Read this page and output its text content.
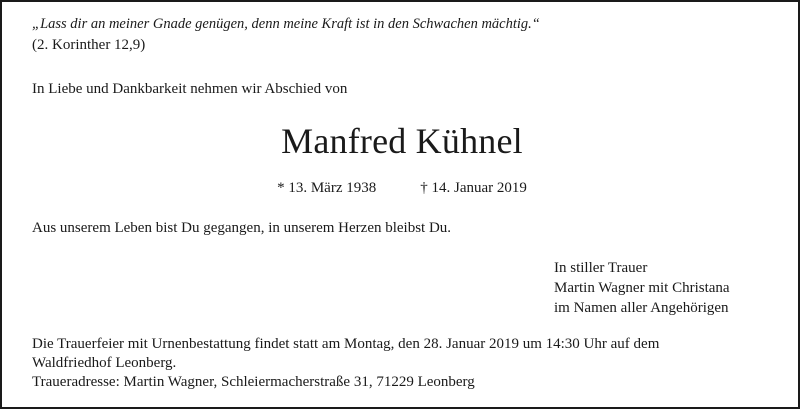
„Lass dir an meiner Gnade genügen, denn meine Kraft ist in den Schwachen mächtig.“

(2. Korinther 12,9)

In Liebe und Dankbarkeit nehmen wir Abschied von

Manfred Kühnel

* 13. März 1938	† 14. Januar 2019

Aus unserem Leben bist Du gegangen, in unserem Herzen bleibst Du.

In stiller Trauer
Martin Wagner mit Christana
im Namen aller Angehörigen
Die Trauerfeier mit Urnenbestattung findet statt am Montag, den 28. Januar 2019 um 14:30 Uhr auf dem
Waldfriedhof Leonberg.
Traueradresse: Martin Wagner, Schleiermacherstraße 31, 71229 Leonberg
